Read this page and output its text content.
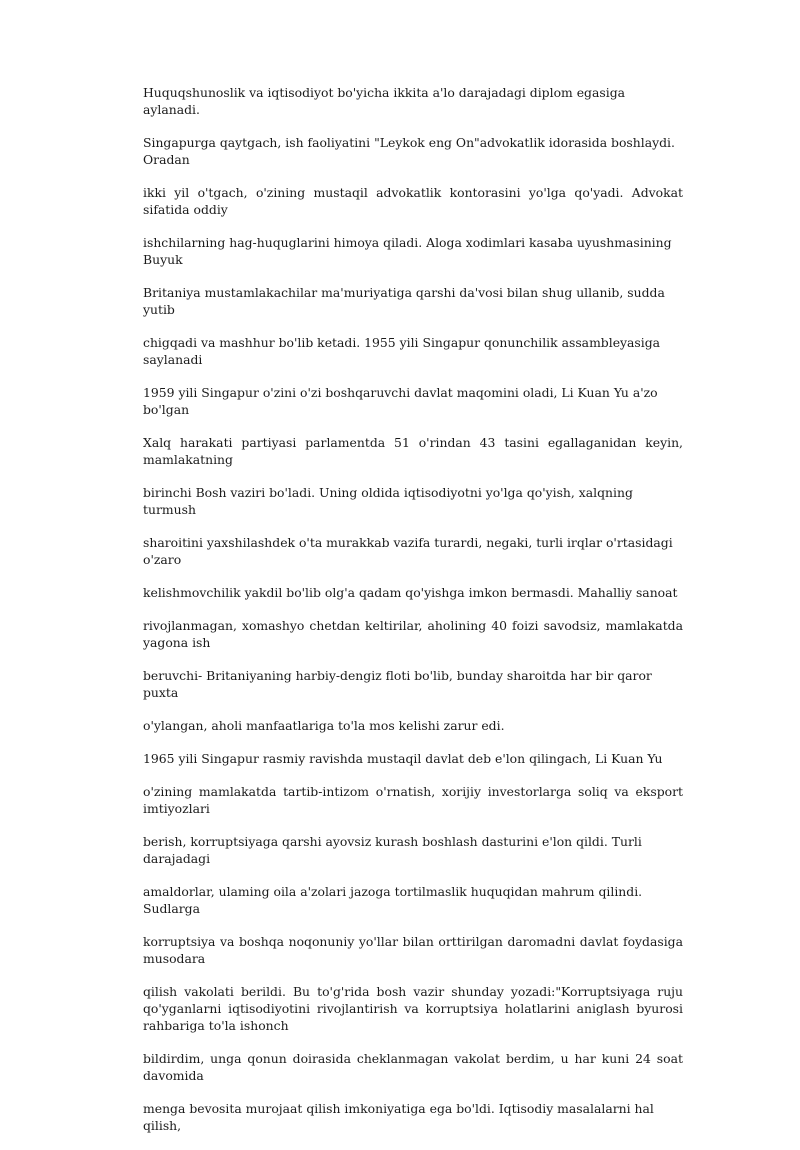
Huquqshunoslik va iqtisodiyot bo'yicha ikkita a'lo darajadagi diplom egasiga aylanadi.

Singapurga qaytgach, ish faoliyatini "Leykok eng On"advokatlik idorasida boshlaydi. Oradan

ikki yil o'tgach, o'zining mustaqil advokatlik kontorasini yo'lga qo'yadi. Advokat sifatida oddiy

ishchilarning hag-huquglarini himoya qiladi. Aloga xodimlari kasaba uyushmasining Buyuk

Britaniya mustamlakachilar ma'muriyatiga qarshi da'vosi bilan shug ullanib, sudda yutib

chigqadi va mashhur bo'lib ketadi. 1955 yili Singapur qonunchilik assambleyasiga saylanadi

1959 yili Singapur o'zini o'zi boshqaruvchi davlat maqomini oladi, Li Kuan Yu a'zo bo'lgan

Xalq harakati partiyasi parlamentda 51 o'rindan 43 tasini egallaganidan keyin, mamlakatning

birinchi Bosh vaziri bo'ladi. Uning oldida iqtisodiyotni yo'lga qo'yish, xalqning turmush

sharoitini yaxshilashdek o'ta murakkab vazifa turardi, negaki, turli irqlar o'rtasidagi o'zaro

kelishmovchilik yakdil bo'lib olg'a qadam qo'yishga imkon bermasdi. Mahalliy sanoat

rivojlanmagan, xomashyo chetdan keltirilar, aholining 40 foizi savodsiz, mamlakatda yagona ish

beruvchi- Britaniyaning harbiy-dengiz floti bo'lib, bunday sharoitda har bir qaror puxta

o'ylangan, aholi manfaatlariga to'la mos kelishi zarur edi.

1965 yili Singapur rasmiy ravishda mustaqil davlat deb e'lon qilingach, Li Kuan Yu

o'zining mamlakatda tartib-intizom o'rnatish, xorijiy investorlarga soliq va eksport imtiyozlari

berish, korruptsiyaga qarshi ayovsiz kurash boshlash dasturini e'lon qildi. Turli darajadagi

amaldorlar, ulaming oila a'zolari jazoga tortilmaslik huquqidan mahrum qilindi. Sudlarga

korruptsiya va boshqa noqonuniy yo'llar bilan orttirilgan daromadni davlat foydasiga musodara

qilish vakolati berildi. Bu to'g'rida bosh vazir shunday yozadi:"Korruptsiyaga ruju qo'yganlarni iqtisodiyotini rivojlantirish va korruptsiya holatlarini aniglash byurosi rahbariga to'la ishonch

bildirdim, unga qonun doirasida cheklanmagan vakolat berdim, u har kuni 24 soat davomida

menga bevosita murojaat qilish imkoniyatiga ega bo'ldi. Iqtisodiy masalalarni hal qilish,
